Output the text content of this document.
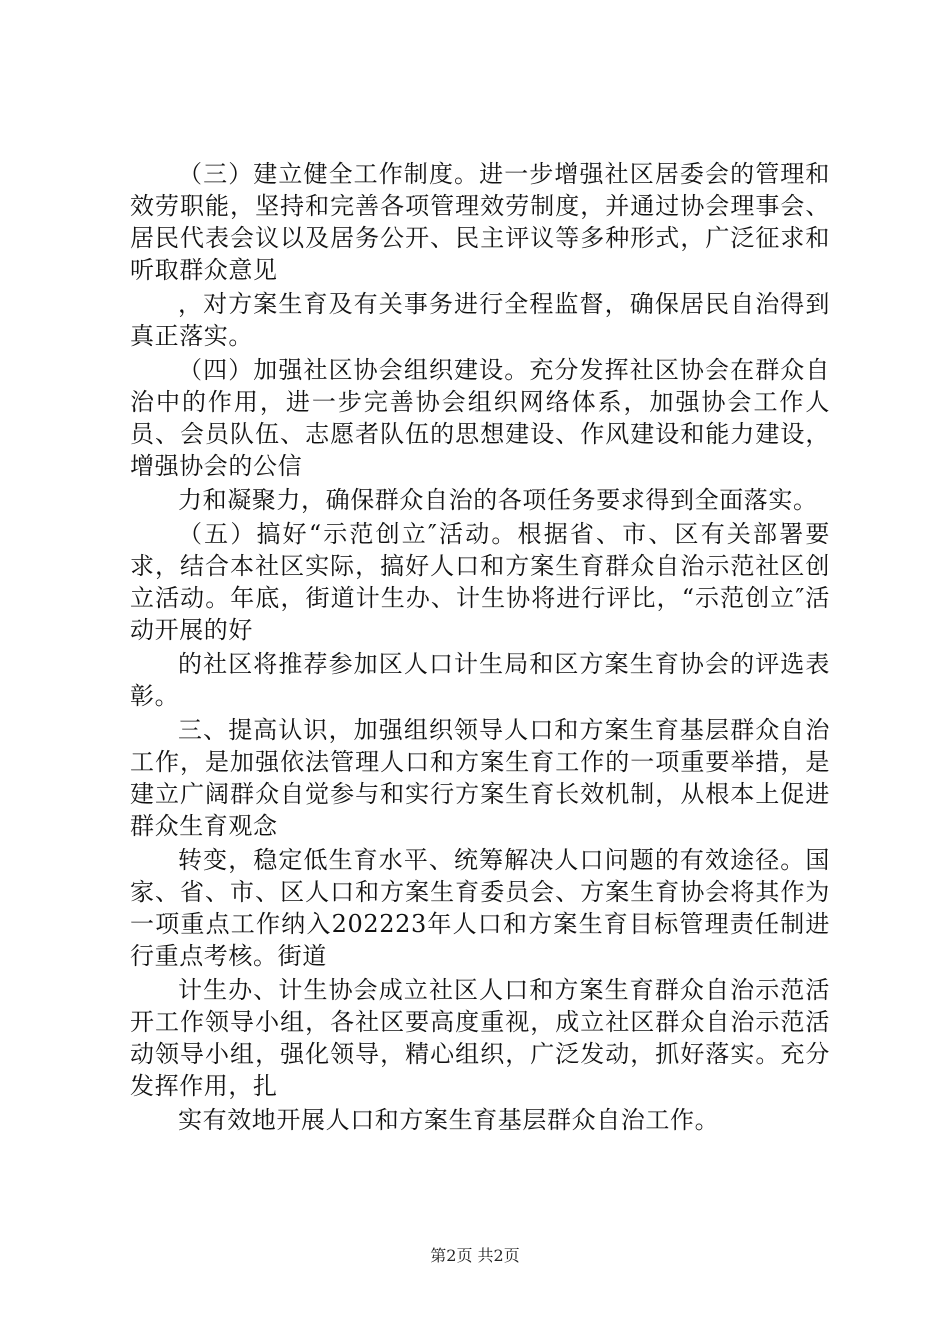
（三）建立健全工作制度。进一步增强社区居委会的管理和效劳职能，坚持和完善各项管理效劳制度，并通过协会理事会、居民代表会议以及居务公开、民主评议等多种形式，广泛征求和听取群众意见

，对方案生育及有关事务进行全程监督，确保居民自治得到真正落实。

（四）加强社区协会组织建设。充分发挥社区协会在群众自治中的作用，进一步完善协会组织网络体系，加强协会工作人员、会员队伍、志愿者队伍的思想建设、作风建设和能力建设，增强协会的公信

力和凝聚力，确保群众自治的各项任务要求得到全面落实。

（五）搞好“示范创立″活动。根据省、市、区有关部署要求，结合本社区实际，搞好人口和方案生育群众自治示范社区创立活动。年底，街道计生办、计生协将进行评比，“示范创立″活动开展的好

的社区将推荐参加区人口计生局和区方案生育协会的评选表彰。

三、提高认识，加强组织领导人口和方案生育基层群众自治工作，是加强依法管理人口和方案生育工作的一项重要举措，是建立广阔群众自觉参与和实行方案生育长效机制，从根本上促进群众生育观念

转变，稳定低生育水平、统筹解决人口问题的有效途径。国家、省、市、区人口和方案生育委员会、方案生育协会将其作为一项重点工作纳入202223年人口和方案生育目标管理责任制进行重点考核。街道

计生办、计生协会成立社区人口和方案生育群众自治示范活开工作领导小组，各社区要高度重视，成立社区群众自治示范活动领导小组，强化领导，精心组织，广泛发动，抓好落实。充分发挥作用，扎

实有效地开展人口和方案生育基层群众自治工作。

第2页 共2页
